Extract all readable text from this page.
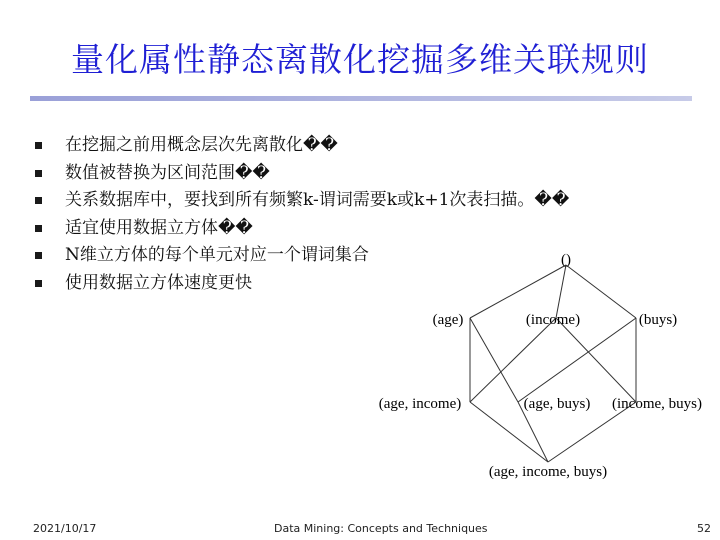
量化属性静态离散化挖掘多维关联规则
在挖掘之前用概念层次先离散化��
数值被替换为区间范围��
关系数据库中，要找到所有频繁k-谓词需要k或k+1次表扫描。��
适宜使用数据立方体��
N维立方体的每个单元对应一个谓词集合
使用数据立方体速度更快
()
(age)	(income)	(buys)
(age, income)	(age, buys) (income, buys)
(age, income, buys)
2021/10/17	Data Mining: Concepts and Techniques	52
